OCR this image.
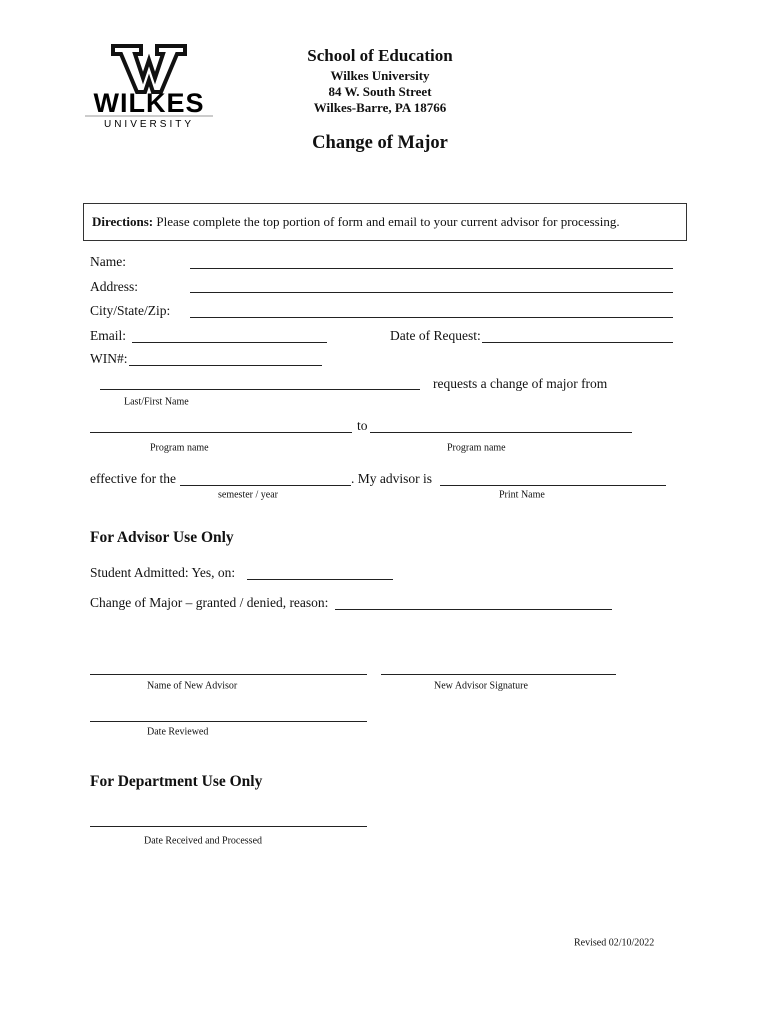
WILKES
UNIVERSITY
School of Education
Wilkes University
84 W. South Street
Wilkes-Barre, PA 18766
Change of Major
Directions: Please complete the top portion of form and email to your current advisor for processing.
Name:
Address:
City/State/Zip:
Email:	Date of Request:
WIN#:
requests a change of major from
Last/First Name
to
Program name	Program name
effective for the	. My advisor is
semester / year	Print Name
For Advisor Use Only
Student Admitted: Yes, on:
Change of Major – granted / denied, reason:
Name of New Advisor	New Advisor Signature
Date Reviewed
For Department Use Only
Date Received and Processed
Revised 02/10/2022
